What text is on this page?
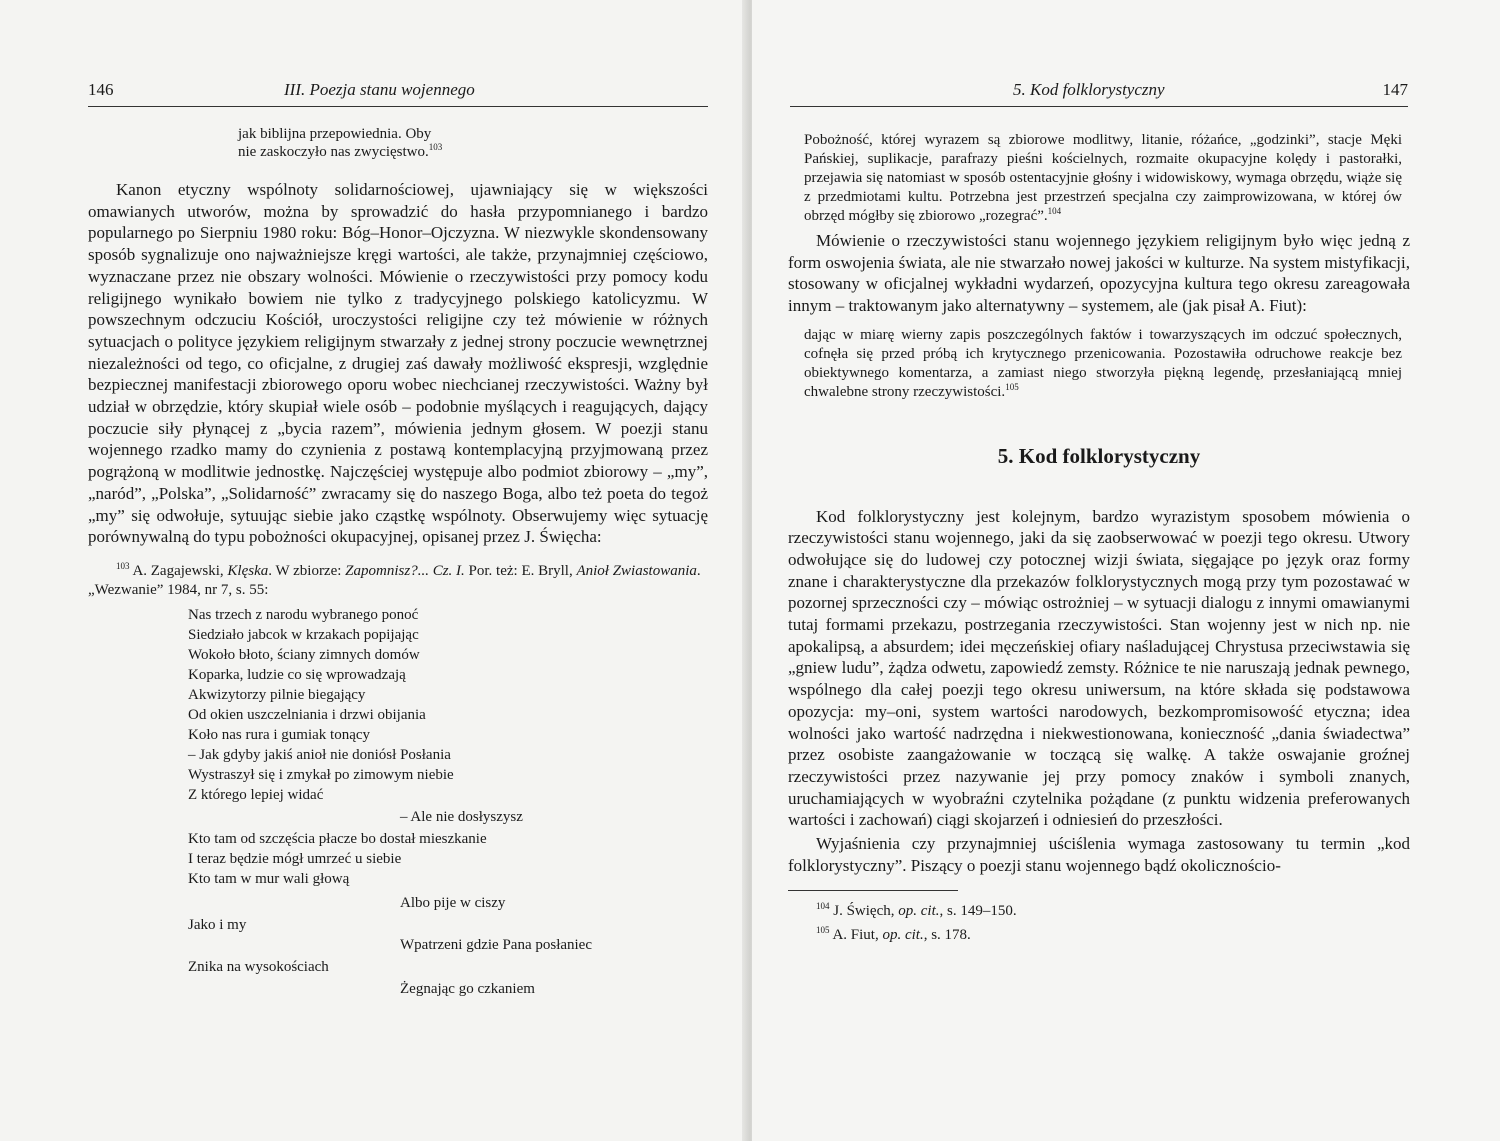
146	III. Poezja stanu wojennego
jak biblijna przepowiednia. Oby
nie zaskoczyło nas zwycięstwo.$^{103}$

Kanon etyczny wspólnoty solidarnościowej, ujawniający się w większości omawianych utworów, można by sprowadzić do hasła przypomnianego i bardzo popularnego po Sierpniu 1980 roku: Bóg–Honor–Ojczyzna. W niezwykle skondensowany sposób sygnalizuje ono najważniejsze kręgi wartości, ale także, przynajmniej częściowo, wyznaczane przez nie obszary wolności. Mówienie o rzeczywistości przy pomocy kodu religijnego wynikało bowiem nie tylko z tradycyjnego polskiego katolicyzmu. W powszechnym odczuciu Kościół, uroczystości religijne czy też mówienie w różnych sytuacjach o polityce językiem religijnym stwarzały z jednej strony poczucie wewnętrznej niezależności od tego, co oficjalne, z drugiej zaś dawały możliwość ekspresji, względnie bezpiecznej manifestacji zbiorowego oporu wobec niechcianej rzeczywistości. Ważny był udział w obrzędzie, który skupiał wiele osób – podobnie myślących i reagujących, dający poczucie siły płynącej z „bycia razem”, mówienia jednym głosem. W poezji stanu wojennego rzadko mamy do czynienia z postawą kontemplacyjną przyjmowaną przez pogrążoną w modlitwie jednostkę. Najczęściej występuje albo podmiot zbiorowy – „my”, „naród”, „Polska”, „Solidarność” zwracamy się do naszego Boga, albo też poeta do tegoż „my” się odwołuje, sytuując siebie jako cząstkę wspólnoty. Obserwujemy więc sytuację porównywalną do typu pobożności okupacyjnej, opisanej przez J. Święcha:

$^{103}$ A. Zagajewski, Klęska. W zbiorze: Zapomnisz?... Cz. I. Por. też: E. Bryll, Anioł Zwiastowania. „Wezwanie” 1984, nr 7, s. 55:

Nas trzech z narodu wybranego ponoć
Siedziało jabcok w krzakach popijając
Wokoło błoto, ściany zimnych domów
Koparka, ludzie co się wprowadzają
Akwizytorzy pilnie biegający
Od okien uszczelniania i drzwi obijania
Koło nas rura i gumiak tonący
– Jak gdyby jakiś anioł nie doniósł Posłania
Wystraszył się i zmykał po zimowym niebie
Z którego lepiej widać
– Ale nie dosłyszysz
Kto tam od szczęścia płacze bo dostał mieszkanie
I teraz będzie mógł umrzeć u siebie
Kto tam w mur wali głową
Albo pije w ciszy
Jako i my
Wpatrzeni gdzie Pana posłaniec
Znika na wysokościach
Żegnając go czkaniem
5. Kod folklorystyczny	147

Pobożność, której wyrazem są zbiorowe modlitwy, litanie, różańce, „godzinki”, stacje Męki Pańskiej, suplikacje, parafrazy pieśni kościelnych, rozmaite okupacyjne kolędy i pastorałki, przejawia się natomiast w sposób ostentacyjnie głośny i widowiskowy, wymaga obrzędu, wiąże się z przedmiotami kultu. Potrzebna jest przestrzeń specjalna czy zaimprowizowana, w której ów obrzęd mógłby się zbiorowo „rozegrać”.$^{104}$

Mówienie o rzeczywistości stanu wojennego językiem religijnym było więc jedną z form oswojenia świata, ale nie stwarzało nowej jakości w kulturze. Na system mistyfikacji, stosowany w oficjalnej wykładni wydarzeń, opozycyjna kultura tego okresu zareagowała innym – traktowanym jako alternatywny – systemem, ale (jak pisał A. Fiut):

dając w miarę wierny zapis poszczególnych faktów i towarzyszących im odczuć społecznych, cofnęła się przed próbą ich krytycznego przenicowania. Pozostawiła odruchowe reakcje bez obiektywnego komentarza, a zamiast niego stworzyła piękną legendę, przesłaniającą mniej chwalebne strony rzeczywistości.$^{105}$

5. Kod folklorystyczny

Kod folklorystyczny jest kolejnym, bardzo wyrazistym sposobem mówienia o rzeczywistości stanu wojennego, jaki da się zaobserwować w poezji tego okresu. Utwory odwołujące się do ludowej czy potocznej wizji świata, sięgające po język oraz formy znane i charakterystyczne dla przekazów folklorystycznych mogą przy tym pozostawać w pozornej sprzeczności czy – mówiąc ostrożniej – w sytuacji dialogu z innymi omawianymi tutaj formami przekazu, postrzegania rzeczywistości. Stan wojenny jest w nich np. nie apokalipsą, a absurdem; idei męczeńskiej ofiary naśladującej Chrystusa przeciwstawia się „gniew ludu”, żądza odwetu, zapowiedź zemsty. Różnice te nie naruszają jednak pewnego, wspólnego dla całej poezji tego okresu uniwersum, na które składa się podstawowa opozycja: my–oni, system wartości narodowych, bezkompromisowość etyczna; idea wolności jako wartość nadrzędna i niekwestionowana, konieczność „dania świadectwa” przez osobiste zaangażowanie w toczącą się walkę. A także oswajanie groźnej rzeczywistości przez nazywanie jej przy pomocy znaków i symboli znanych, uruchamiających w wyobraźni czytelnika pożądane (z punktu widzenia preferowanych wartości i zachowań) ciągi skojarzeń i odniesień do przeszłości.

Wyjaśnienia czy przynajmniej uściślenia wymaga zastosowany tu termin „kod folklorystyczny”. Piszący o poezji stanu wojennego bądź okolicznościo-

$^{104}$ J. Święch, op. cit., s. 149–150.

$^{105}$ A. Fiut, op. cit., s. 178.
